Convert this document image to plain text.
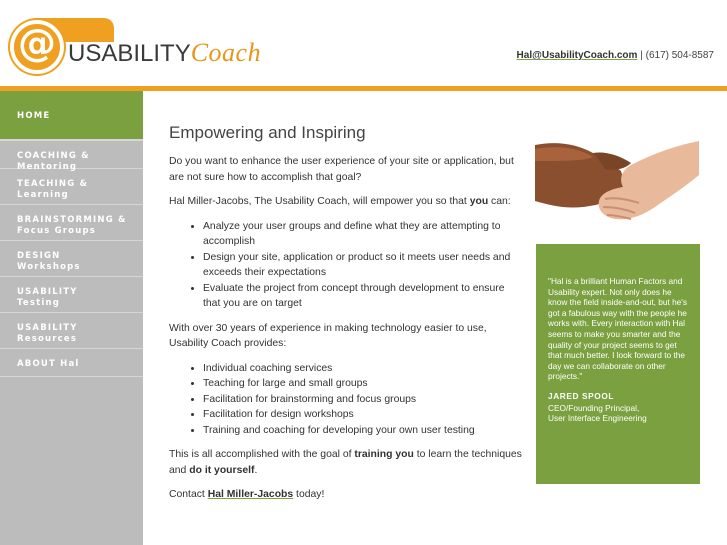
@ USABILITYCoach	Hal@UsabilityCoach.com | (617) 504-8587
HOME
COACHING & Mentoring
TEACHING &
Learning
BRAINSTORMING &
Focus Groups
DESIGN
Workshops
USABILITY
Testing
USABILITY
Resources
ABOUT Hal
Empowering and Inspiring

Do you want to enhance the user experience of your site or application, but are not sure how to accomplish that goal?

Hal Miller-Jacobs, The Usability Coach, will empower you so that you can:

• Analyze your user groups and define what they are attempting to accomplish
• Design your site, application or product so it meets user needs and exceeds their expectations
• Evaluate the project from concept through development to ensure that you are on target

With over 30 years of experience in making technology easier to use, Usability Coach provides:

• Individual coaching services
• Teaching for large and small groups
• Facilitation for brainstorming and focus groups
• Facilitation for design workshops
• Training and coaching for developing your own user testing

This is all accomplished with the goal of training you to learn the techniques and do it yourself.

Contact Hal Miller-Jacobs today!

"Hal is a brilliant Human Factors and Usability expert. Not only does he know the field inside-and-out, but he's got a fabulous way with the people he works with. Every interaction with Hal seems to make you smarter and the quality of your project seems to get that much better. I look forward to the day we can collaborate on other projects."
JARED SPOOL
CEO/Founding Principal,
User Interface Engineering
